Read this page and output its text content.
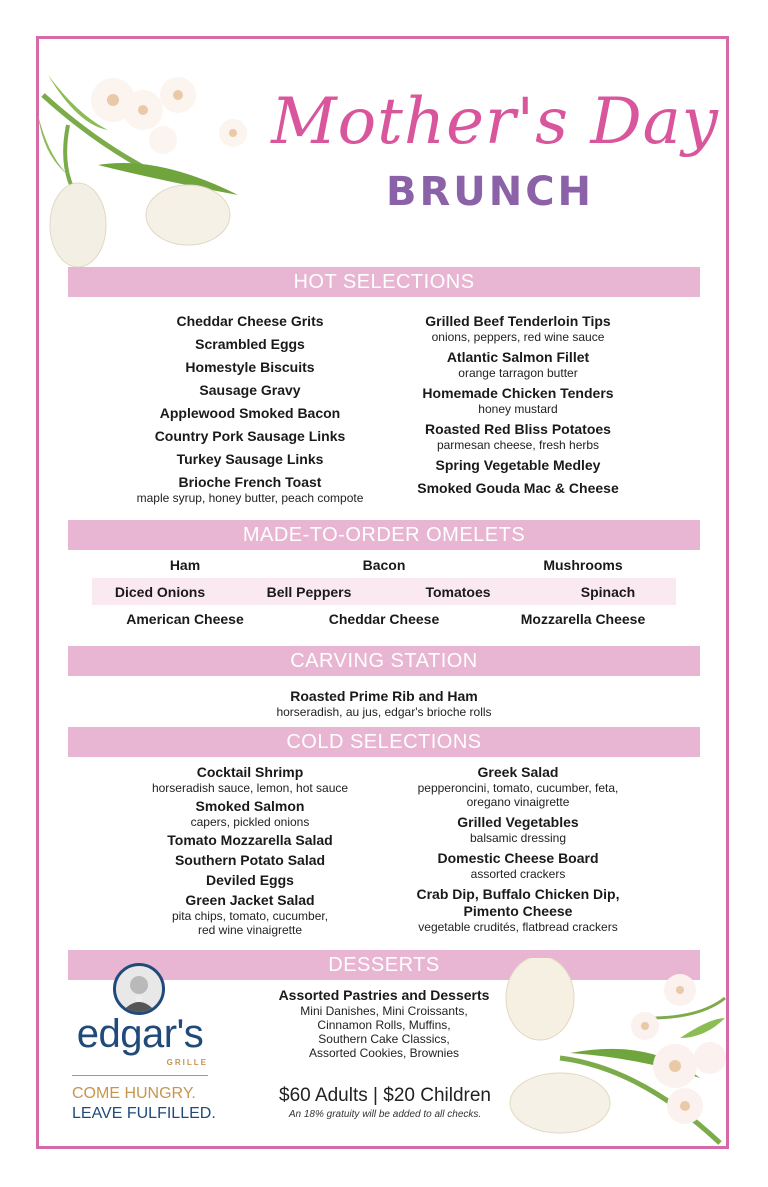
Mother's Day
BRUNCH
HOT SELECTIONS
Cheddar Cheese Grits
Scrambled Eggs
Homestyle Biscuits
Sausage Gravy
Applewood Smoked Bacon
Country Pork Sausage Links
Turkey Sausage Links
Brioche French Toast
maple syrup, honey butter, peach compote
Grilled Beef Tenderloin Tips
onions, peppers, red wine sauce
Atlantic Salmon Fillet
orange tarragon butter
Homemade Chicken Tenders
honey mustard
Roasted Red Bliss Potatoes
parmesan cheese, fresh herbs
Spring Vegetable Medley
Smoked Gouda Mac & Cheese
MADE-TO-ORDER OMELETS
Ham	Bacon	Mushrooms
Diced Onions	Bell Peppers	Tomatoes	Spinach
American Cheese	Cheddar Cheese	Mozzarella Cheese
CARVING STATION
Roasted Prime Rib and Ham
horseradish, au jus, edgar's brioche rolls
COLD SELECTIONS
Cocktail Shrimp
horseradish sauce, lemon, hot sauce
Smoked Salmon
capers, pickled onions
Tomato Mozzarella Salad
Southern Potato Salad
Deviled Eggs
Green Jacket Salad
pita chips, tomato, cucumber,
red wine vinaigrette
Greek Salad
pepperoncini, tomato, cucumber, feta,
oregano vinaigrette
Grilled Vegetables
balsamic dressing
Domestic Cheese Board
assorted crackers
Crab Dip, Buffalo Chicken Dip,
Pimento Cheese
vegetable crudités, flatbread crackers
DESSERTS
Assorted Pastries and Desserts
Mini Danishes, Mini Croissants,
Cinnamon Rolls, Muffins,
Southern Cake Classics,
Assorted Cookies, Brownies
edgar's
GRILLE
COME HUNGRY.
LEAVE FULFILLED.
$60 Adults | $20 Children
An 18% gratuity will be added to all checks.
